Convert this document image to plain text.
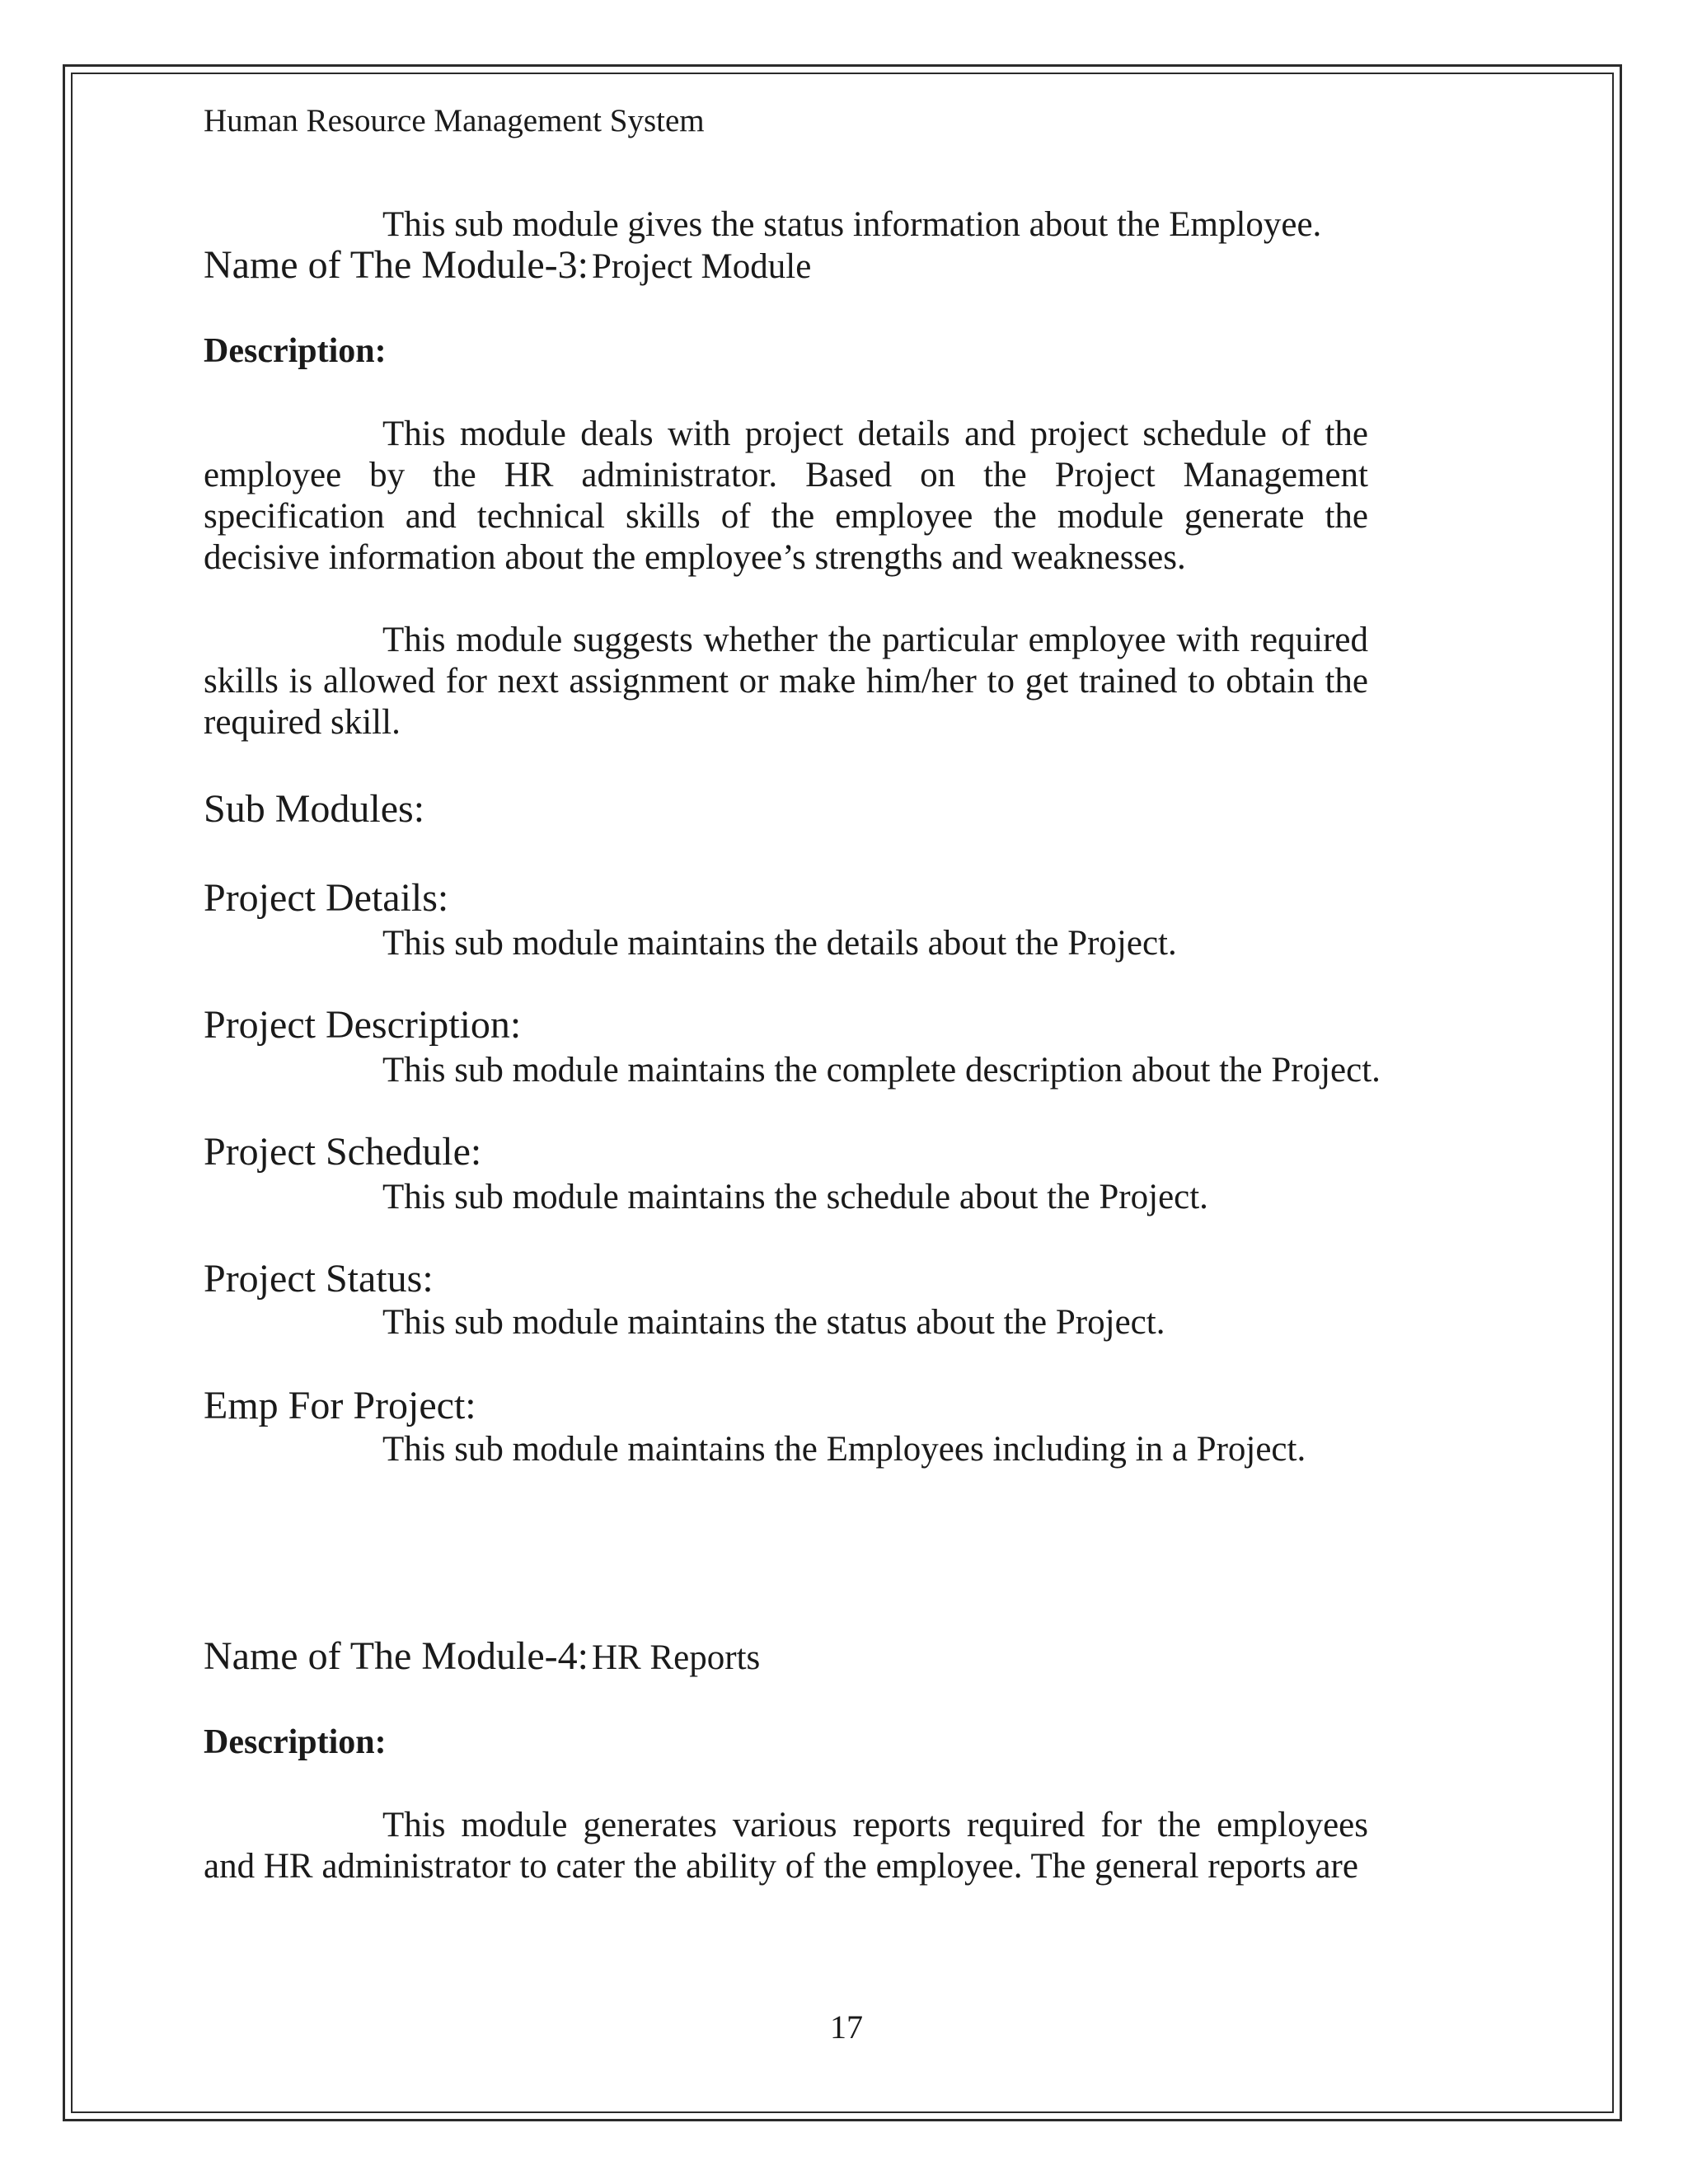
Human Resource Management System
This sub module gives the status information about the Employee.
Name of The Module-3: Project Module
Description:
This module deals with project details and project schedule of the employee by the HR administrator. Based on the Project Management specification and technical skills of the employee the module generate the decisive information about the employee’s strengths and weaknesses.
This module suggests whether the particular employee with required skills is allowed for next assignment or make him/her to get trained to obtain the required skill.
Sub Modules:
Project Details:
This sub module maintains the details about the Project.
Project Description:
This sub module maintains the complete description about the Project.
Project Schedule:
This sub module maintains the schedule about the Project.
Project Status:
This sub module maintains the status about the Project.
Emp For Project:
This sub module maintains the Employees including in a Project.
Name of The Module-4: HR Reports
Description:
This module generates various reports required for the employees and HR administrator to cater the ability of the employee. The general reports are
17
